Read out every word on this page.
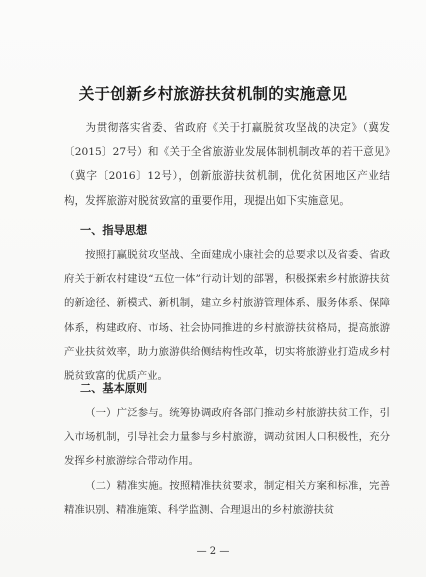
关于创新乡村旅游扶贫机制的实施意见

为贯彻落实省委、省政府《关于打赢脱贫攻坚战的决定》（冀发〔2015〕27号）和《关于全省旅游业发展体制机制改革的若干意见》（冀字〔2016〕12号），创新旅游扶贫机制，优化贫困地区产业结构，发挥旅游对脱贫致富的重要作用，现提出如下实施意见。

一、指导思想

按照打赢脱贫攻坚战、全面建成小康社会的总要求以及省委、省政府关于新农村建设“五位一体”行动计划的部署，积极探索乡村旅游扶贫的新途径、新模式、新机制，建立乡村旅游管理体系、服务体系、保障体系，构建政府、市场、社会协同推进的乡村旅游扶贫格局，提高旅游产业扶贫效率，助力旅游供给侧结构性改革，切实将旅游业打造成乡村脱贫致富的优质产业。

二、基本原则

（一）广泛参与。统筹协调政府各部门推动乡村旅游扶贫工作，引入市场机制，引导社会力量参与乡村旅游，调动贫困人口积极性，充分发挥乡村旅游综合带动作用。

（二）精准实施。按照精准扶贫要求，制定相关方案和标准，完善精准识别、精准施策、科学监测、合理退出的乡村旅游扶贫

— 2 —
